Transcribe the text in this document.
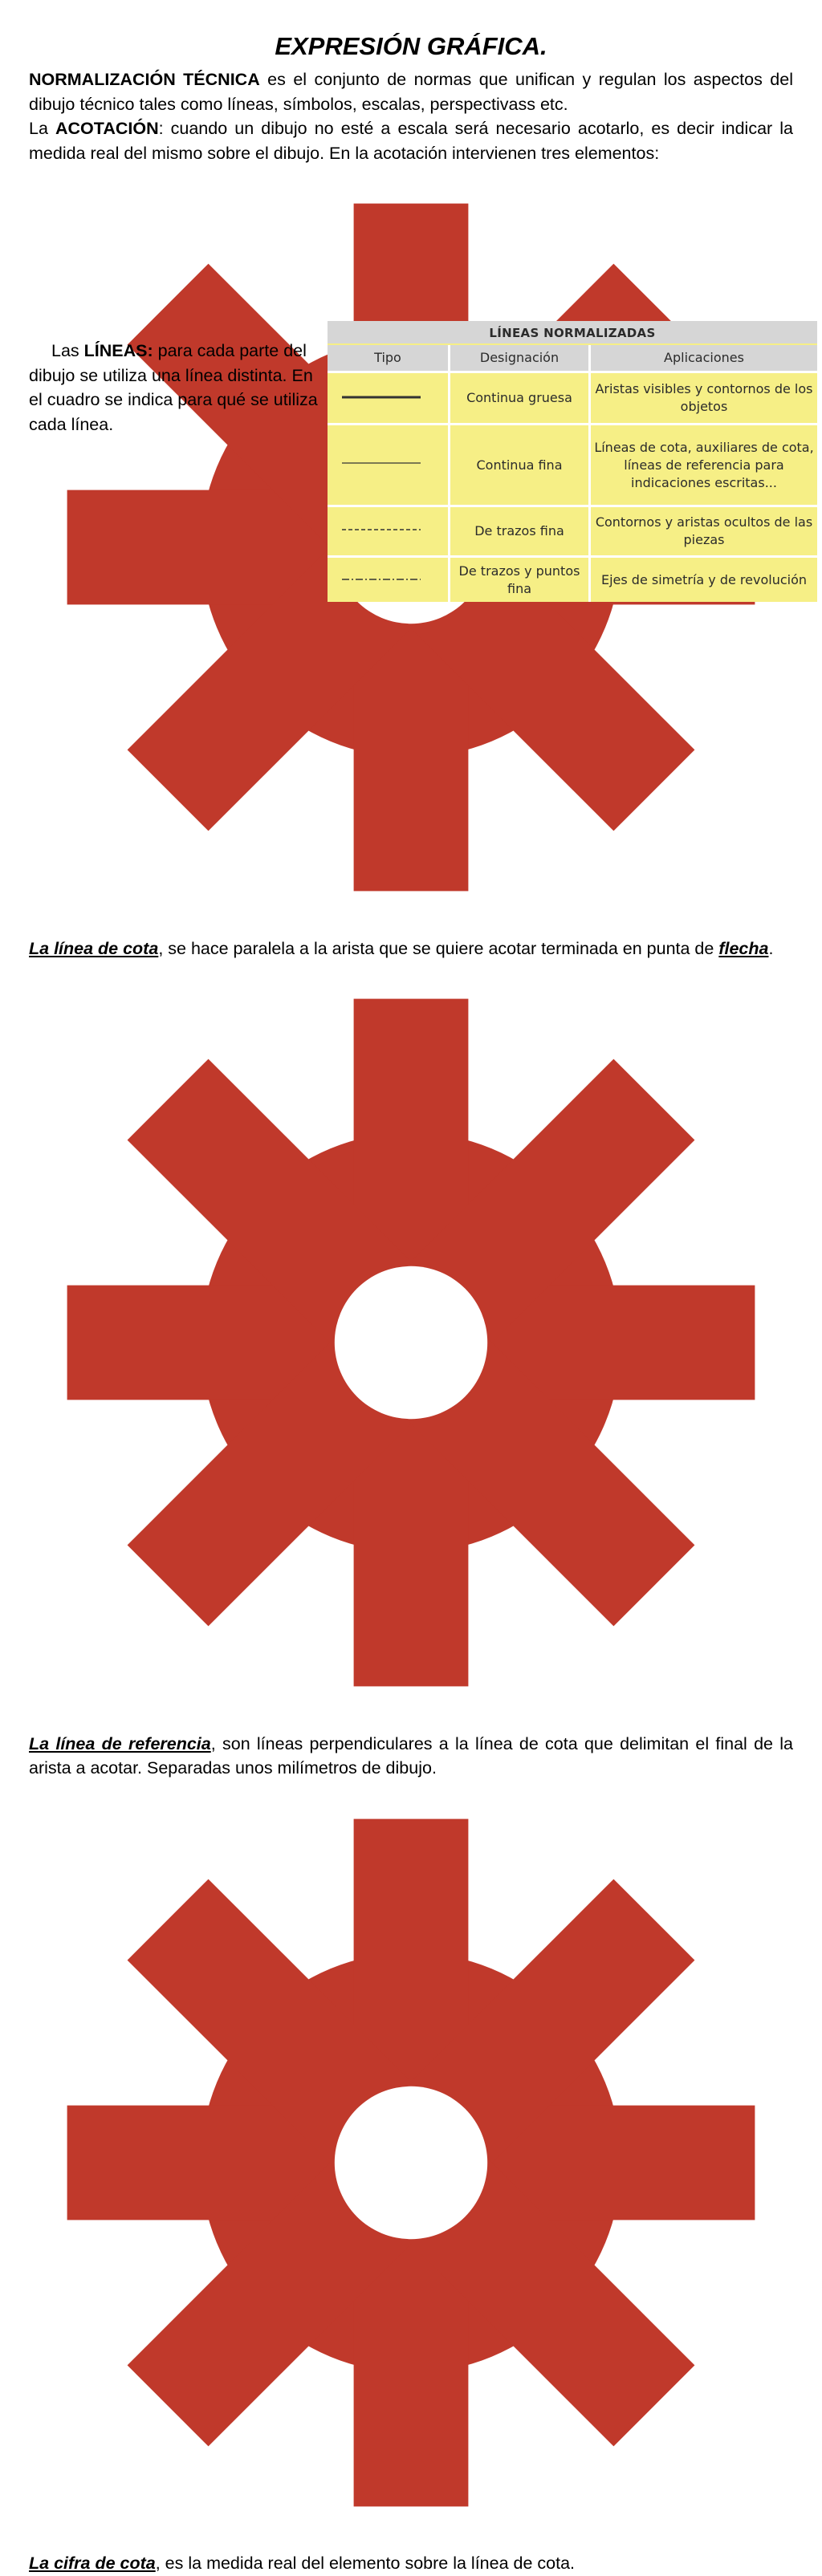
EXPRESIÓN GRÁFICA.

NORMALIZACIÓN TÉCNICA es el conjunto de normas que unifican y regulan los aspectos del dibujo técnico tales como líneas, símbolos, escalas, perspectivass etc.

La ACOTACIÓN: cuando un dibujo no esté a escala será necesario acotarlo, es decir indicar la medida real del mismo sobre el dibujo. En la acotación intervienen tres elementos:

La línea de cota, se hace paralela a la arista que se quiere acotar terminada en punta de flecha.

La línea de referencia, son líneas perpendiculares a la línea de cota que delimitan el final de la arista a acotar. Separadas unos milímetros de dibujo.

La cifra de cota, es la medida real del elemento sobre la línea de cota.

Las LÍNEAS: para cada parte del dibujo se utiliza una línea distinta. En el cuadro se indica para qué se utiliza cada línea.

LÍNEAS NORMALIZADAS
Tipo	Designación	Aplicaciones
Continua gruesa
Aristas visibles y contornos de los objetos
Continua fina
Líneas de cota, auxiliares de cota, líneas de referencia para indicaciones escritas...
De trazos fina
Contornos y aristas ocultos de las piezas
De trazos y puntos fina
Ejes de simetría y de revolución
